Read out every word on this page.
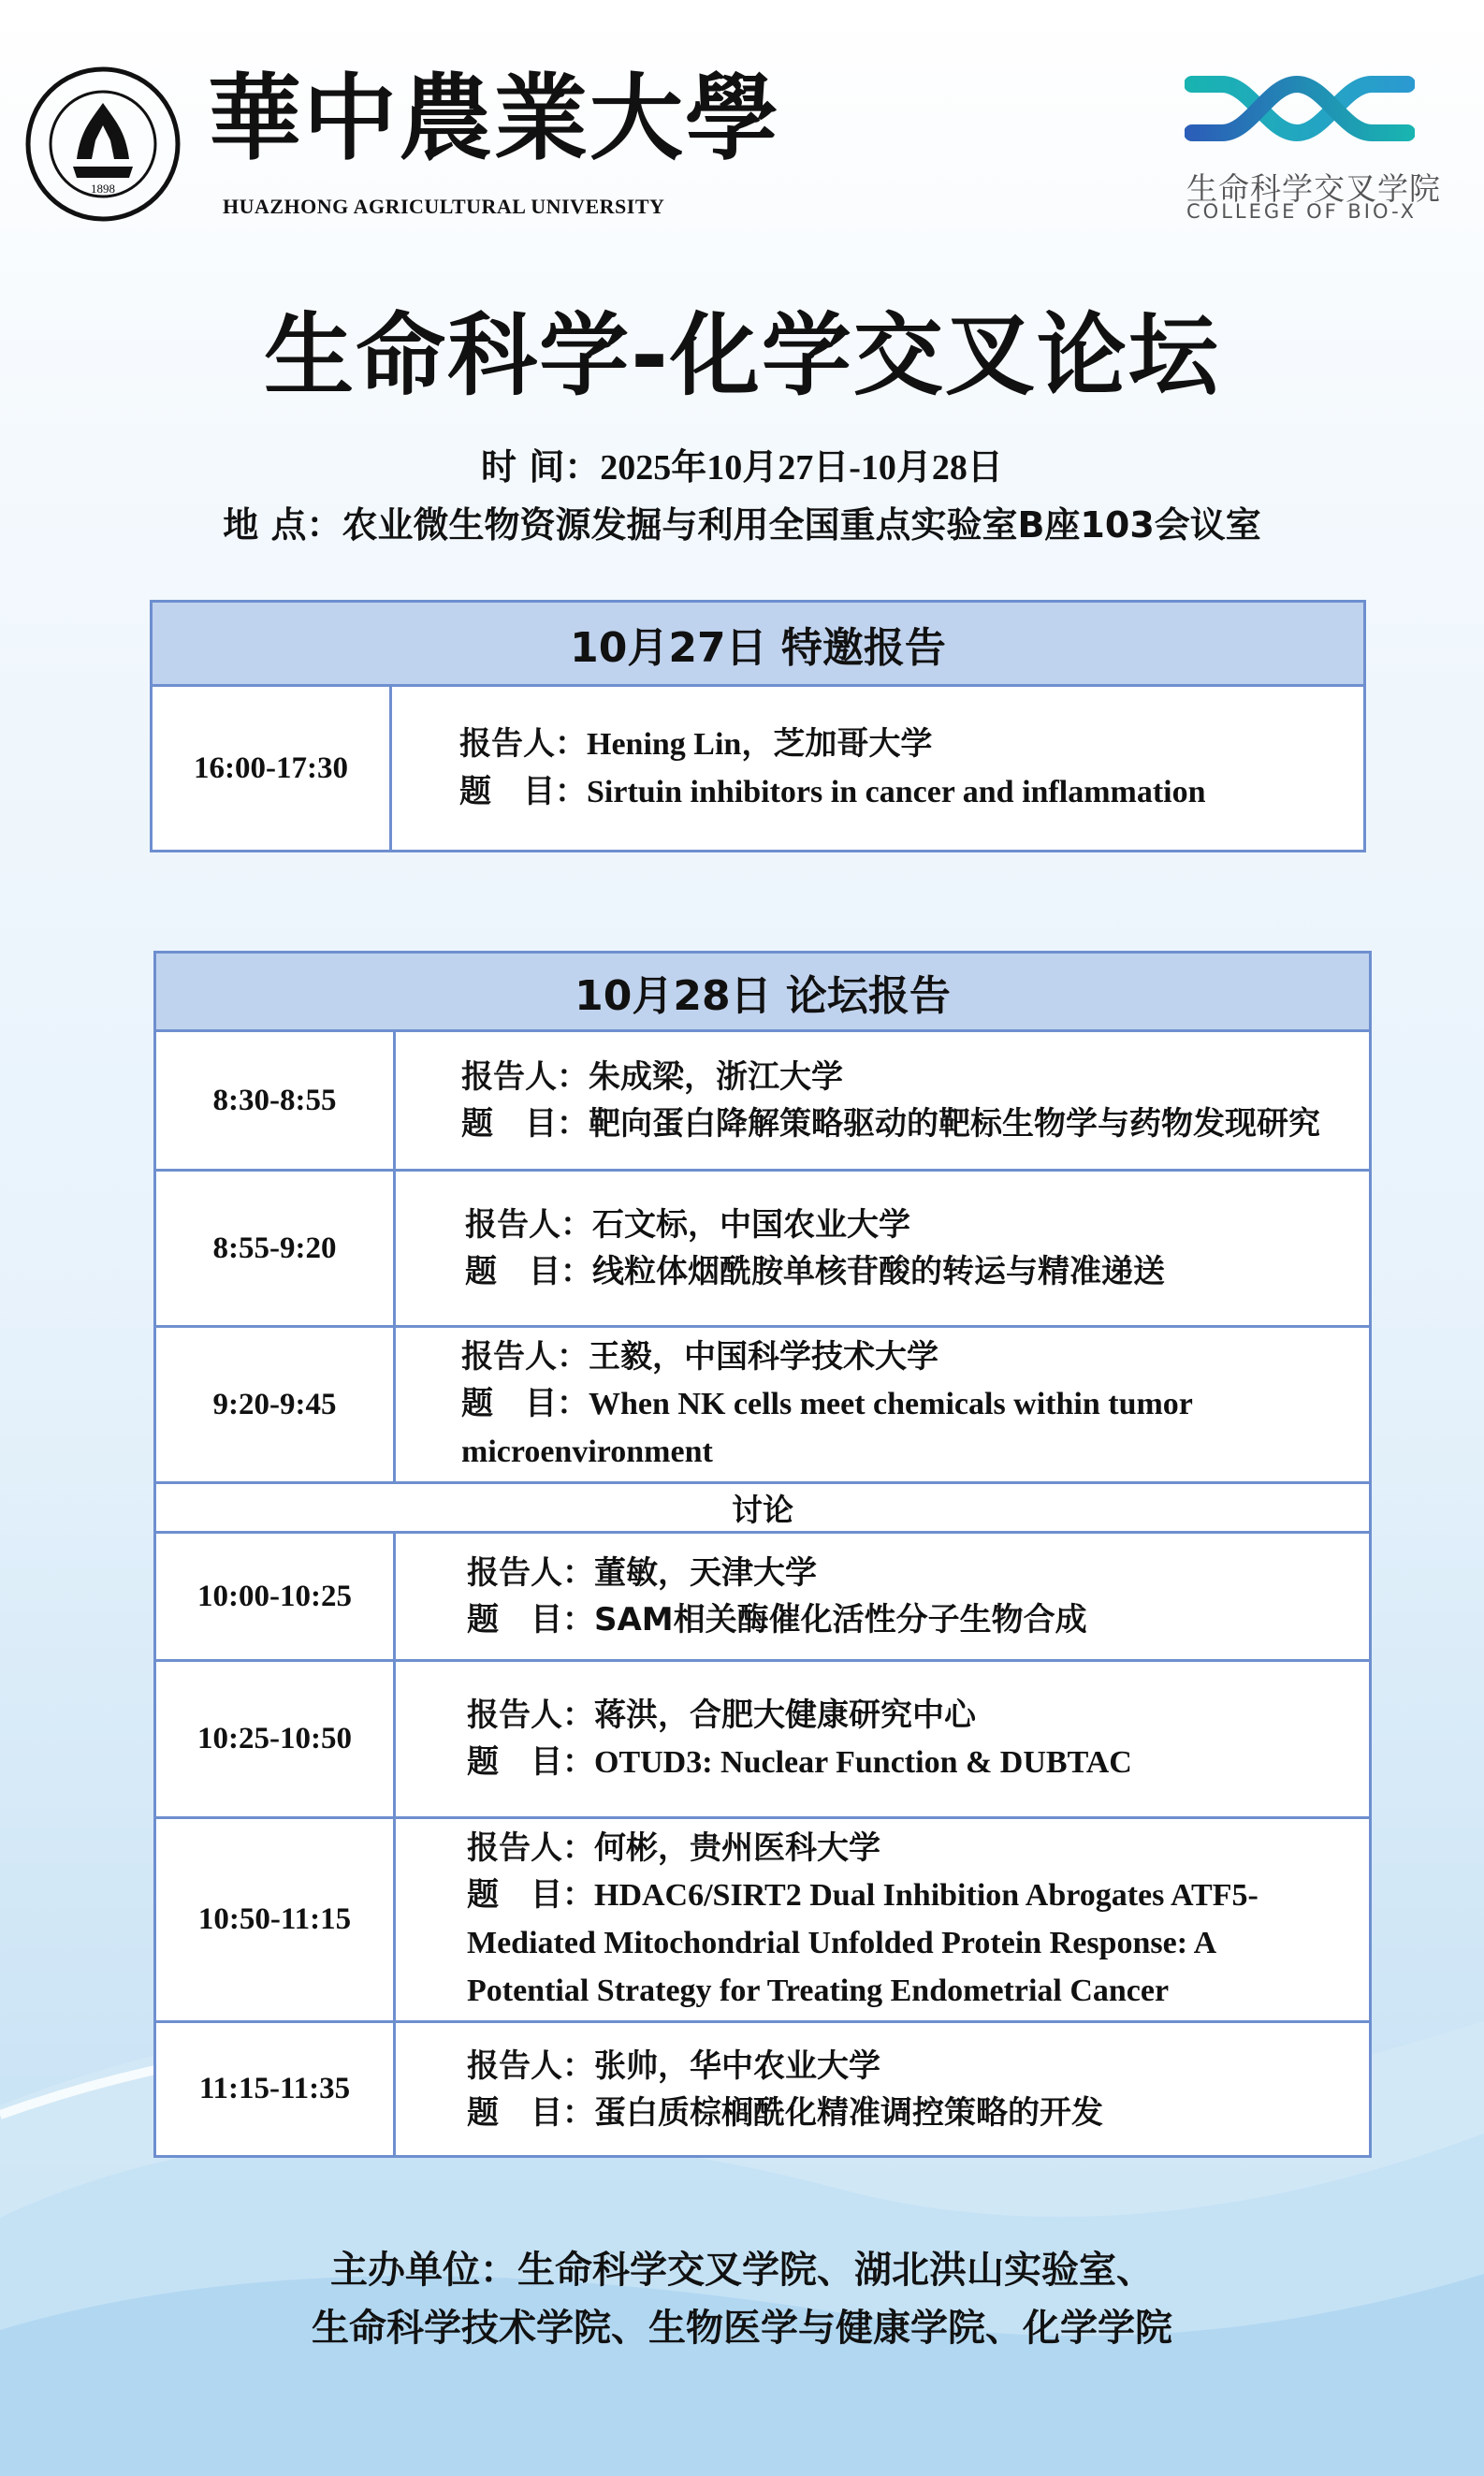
1898
華中農業大學
HUAZHONG AGRICULTURAL UNIVERSITY	生命科学交叉学院
COLLEGE OF BIO-X
生命科学-化学交叉论坛
时 间：2025年10月27日-10月28日
地 点：农业微生物资源发掘与利用全国重点实验室B座103会议室
10月27日 特邀报告
16:00-17:30
报告人：Hening Lin，芝加哥大学
题　目：Sirtuin inhibitors in cancer and inflammation
10月28日 论坛报告
8:30-8:55
报告人：朱成梁，浙江大学
题　目：靶向蛋白降解策略驱动的靶标生物学与药物发现研究
8:55-9:20
报告人：石文标，中国农业大学
题　目：线粒体烟酰胺单核苷酸的转运与精准递送
9:20-9:45
报告人：王毅，中国科学技术大学
题　目：When NK cells meet chemicals within tumor microenvironment
讨论
10:00-10:25
报告人：董敏，天津大学
题　目：SAM相关酶催化活性分子生物合成
10:25-10:50
报告人：蒋洪，合肥大健康研究中心
题　目：OTUD3: Nuclear Function & DUBTAC
10:50-11:15
报告人：何彬，贵州医科大学
题　目：HDAC6/SIRT2 Dual Inhibition Abrogates ATF5-Mediated Mitochondrial Unfolded Protein Response: A Potential Strategy for Treating Endometrial Cancer
11:15-11:35
报告人：张帅，华中农业大学
题　目：蛋白质棕榈酰化精准调控策略的开发
主办单位：生命科学交叉学院、湖北洪山实验室、
生命科学技术学院、生物医学与健康学院、化学学院
